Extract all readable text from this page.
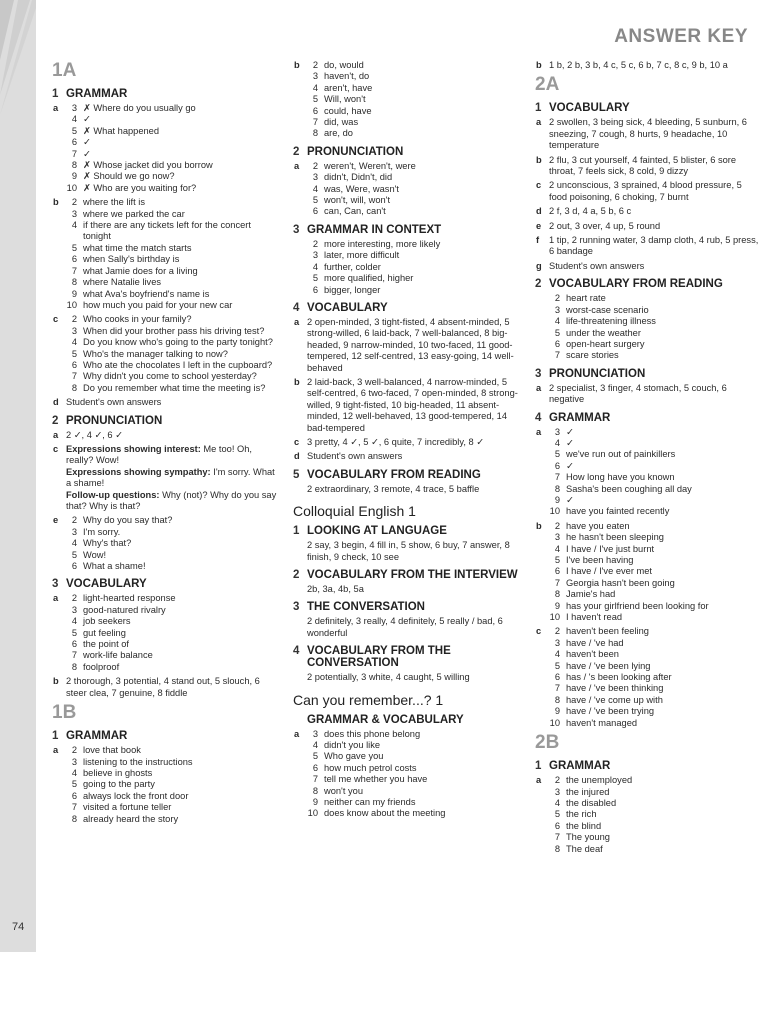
74
ANSWER KEY
1A
1 GRAMMAR
a	3 ✗ Where do you usually go
4 ✓
5 ✗ What happened
6 ✓
7 ✓
8 ✗ Whose jacket did you borrow
9 ✗ Should we go now?
10 ✗ Who are you waiting for?
b	2 where the lift is
3 where we parked the car
4 if there are any tickets left for the concert tonight
5 what time the match starts
6 when Sally's birthday is
7 what Jamie does for a living
8 where Natalie lives
9 what Ava's boyfriend's name is
10 how much you paid for your new car
c	2 Who cooks in your family?
3 When did your brother pass his driving test?
4 Do you know who's going to the party tonight?
5 Who's the manager talking to now?
6 Who ate the chocolates I left in the cupboard?
7 Why didn't you come to school yesterday?
8 Do you remember what time the meeting is?
d Student's own answers
2 PRONUNCIATION
a 2 ✓, 4 ✓, 6 ✓
c Expressions showing interest: Me too! Oh, really? Wow!
Expressions showing sympathy: I'm sorry. What a shame!
Follow-up questions: Why (not)? Why do you say that? Why is that?
e	2 Why do you say that?
3 I'm sorry.
4 Why's that?
5 Wow!
6 What a shame!
3 VOCABULARY
a	2 light-hearted response
3 good-natured rivalry
4 job seekers
5 gut feeling
6 the point of
7 work-life balance
8 foolproof
b 2 thorough, 3 potential, 4 stand out, 5 slouch, 6 steer clea, 7 genuine, 8 fiddle
1B
1 GRAMMAR
a	2 love that book
3 listening to the instructions
4 believe in ghosts
5 going to the party
6 always lock the front door
7 visited a fortune teller
8 already heard the story
b	2 do, would
3 haven't, do
4 aren't, have
5 Will, won't
6 could, have
7 did, was
8 are, do
2 PRONUNCIATION
a	2 weren't, Weren't, were
3 didn't, Didn't, did
4 was, Were, wasn't
5 won't, will, won't
6 can, Can, can't
3 GRAMMAR IN CONTEXT
2 more interesting, more likely
3 later, more difficult
4 further, colder
5 more qualified, higher
6 bigger, longer
4 VOCABULARY
a 2 open-minded, 3 tight-fisted, 4 absent-minded, 5 strong-willed, 6 laid-back, 7 well-balanced, 8 big-headed, 9 narrow-minded, 10 two-faced, 11 good-tempered, 12 self-centred, 13 easy-going, 14 well-behaved
b 2 laid-back, 3 well-balanced, 4 narrow-minded, 5 self-centred, 6 two-faced, 7 open-minded, 8 strong-willed, 9 tight-fisted, 10 big-headed, 11 absent-minded, 12 well-behaved, 13 good-tempered, 14 bad-tempered
c 3 pretty, 4 ✓, 5 ✓, 6 quite, 7 incredibly, 8 ✓
d Student's own answers
5 VOCABULARY FROM READING
2 extraordinary, 3 remote, 4 trace, 5 baffle
Colloquial English 1
1 LOOKING AT LANGUAGE
2 say, 3 begin, 4 fill in, 5 show, 6 buy, 7 answer, 8 finish, 9 check, 10 see
2 VOCABULARY FROM THE INTERVIEW
2b, 3a, 4b, 5a
3 THE CONVERSATION
2 definitely, 3 really, 4 definitely, 5 really / bad, 6 wonderful
4 VOCABULARY FROM THE CONVERSATION
2 potentially, 3 white, 4 caught, 5 willing
Can you remember...? 1
GRAMMAR & VOCABULARY
a	3 does this phone belong
4 didn't you like
5 Who gave you
6 how much petrol costs
7 tell me whether you have
8 won't you
9 neither can my friends
10 does know about the meeting
b 1 b, 2 b, 3 b, 4 c, 5 c, 6 b, 7 c, 8 c, 9 b, 10 a
2A
1 VOCABULARY
a 2 swollen, 3 being sick, 4 bleeding, 5 sunburn, 6 sneezing, 7 cough, 8 hurts, 9 headache, 10 temperature
b 2 flu, 3 cut yourself, 4 fainted, 5 blister, 6 sore throat, 7 feels sick, 8 cold, 9 dizzy
c 2 unconscious, 3 sprained, 4 blood pressure, 5 food poisoning, 6 choking, 7 burnt
d 2 f, 3 d, 4 a, 5 b, 6 c
e 2 out, 3 over, 4 up, 5 round
f	1 tip, 2 running water, 3 damp cloth, 4 rub, 5 press, 6 bandage
g Student's own answers
2 VOCABULARY FROM READING
2 heart rate
3 worst-case scenario
4 life-threatening illness
5 under the weather
6 open-heart surgery
7 scare stories
3 PRONUNCIATION
a 2 specialist, 3 finger, 4 stomach, 5 couch, 6 negative
4 GRAMMAR
a	3 ✓
4 ✓
5 we've run out of painkillers
6 ✓
7 How long have you known
8 Sasha's been coughing all day
9 ✓
10 have you fainted recently
b	2 have you eaten
3 he hasn't been sleeping
4 I have / I've just burnt
5 I've been having
6 I have / I've ever met
7 Georgia hasn't been going
8 Jamie's had
9 has your girlfriend been looking for
10 I haven't read
c	2 haven't been feeling
3 have / 've had
4 haven't been
5 have / 've been lying
6 has / 's been looking after
7 have / 've been thinking
8 have / 've come up with
9 have / 've been trying
10 haven't managed
2B
1 GRAMMAR
a	2 the unemployed
3 the injured
4 the disabled
5 the rich
6 the blind
7 The young
8 The deaf
